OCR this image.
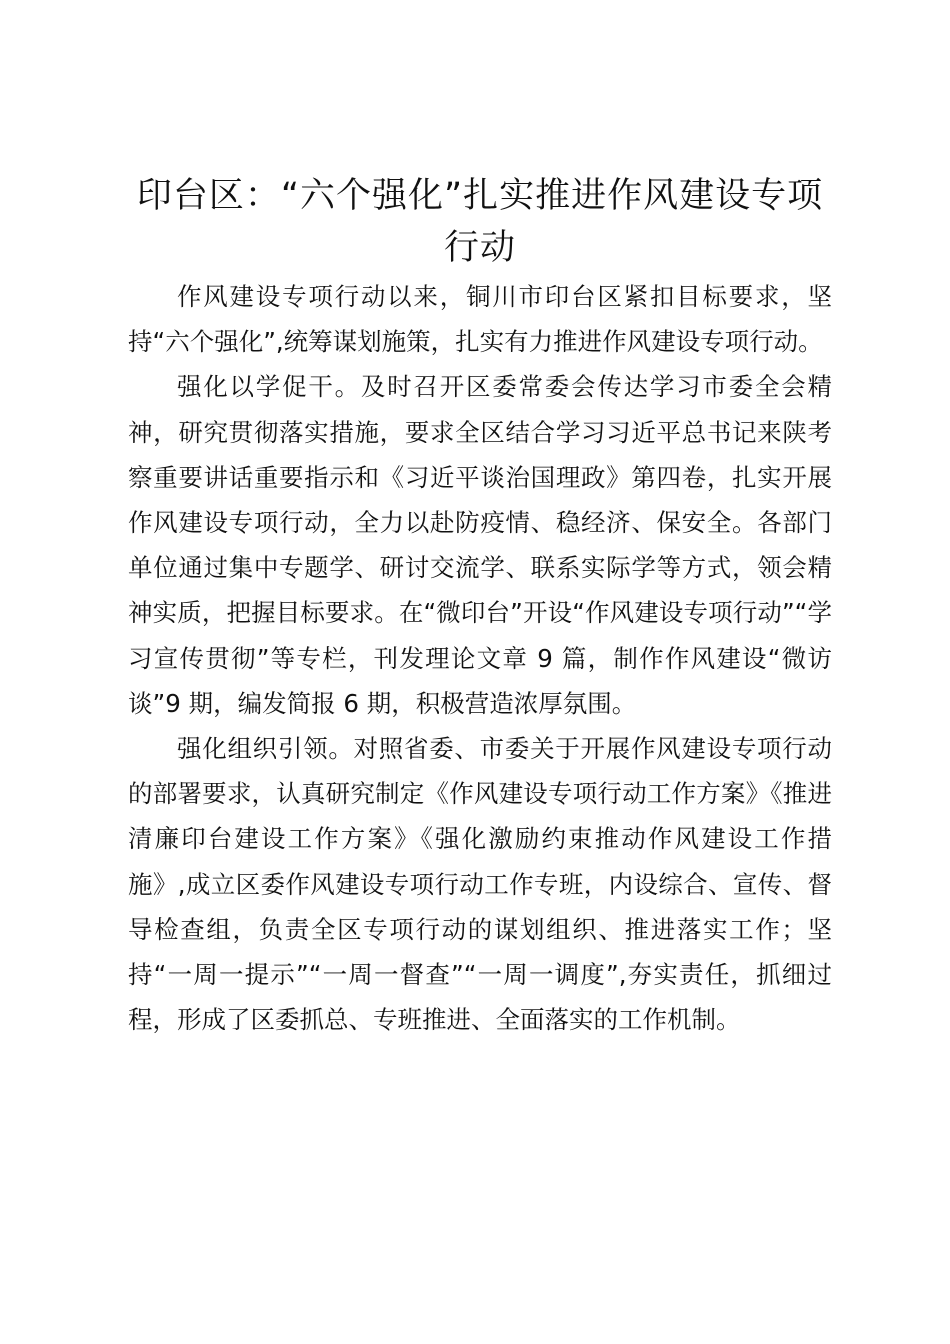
印台区：“六个强化”扎实推进作风建设专项行动

作风建设专项行动以来，铜川市印台区紧扣目标要求，坚持“六个强化”,统筹谋划施策，扎实有力推进作风建设专项行动。

强化以学促干。及时召开区委常委会传达学习市委全会精神，研究贯彻落实措施，要求全区结合学习习近平总书记来陕考察重要讲话重要指示和《习近平谈治国理政》第四卷，扎实开展作风建设专项行动，全力以赴防疫情、稳经济、保安全。各部门单位通过集中专题学、研讨交流学、联系实际学等方式，领会精神实质，把握目标要求。在“微印台”开设“作风建设专项行动”“学习宣传贯彻”等专栏，刊发理论文章 9 篇，制作作风建设“微访谈”9 期，编发简报 6 期，积极营造浓厚氛围。

强化组织引领。对照省委、市委关于开展作风建设专项行动的部署要求，认真研究制定《作风建设专项行动工作方案》《推进清廉印台建设工作方案》《强化激励约束推动作风建设工作措施》,成立区委作风建设专项行动工作专班，内设综合、宣传、督导检查组，负责全区专项行动的谋划组织、推进落实工作；坚持“一周一提示”“一周一督查”“一周一调度”,夯实责任，抓细过程，形成了区委抓总、专班推进、全面落实的工作机制。
